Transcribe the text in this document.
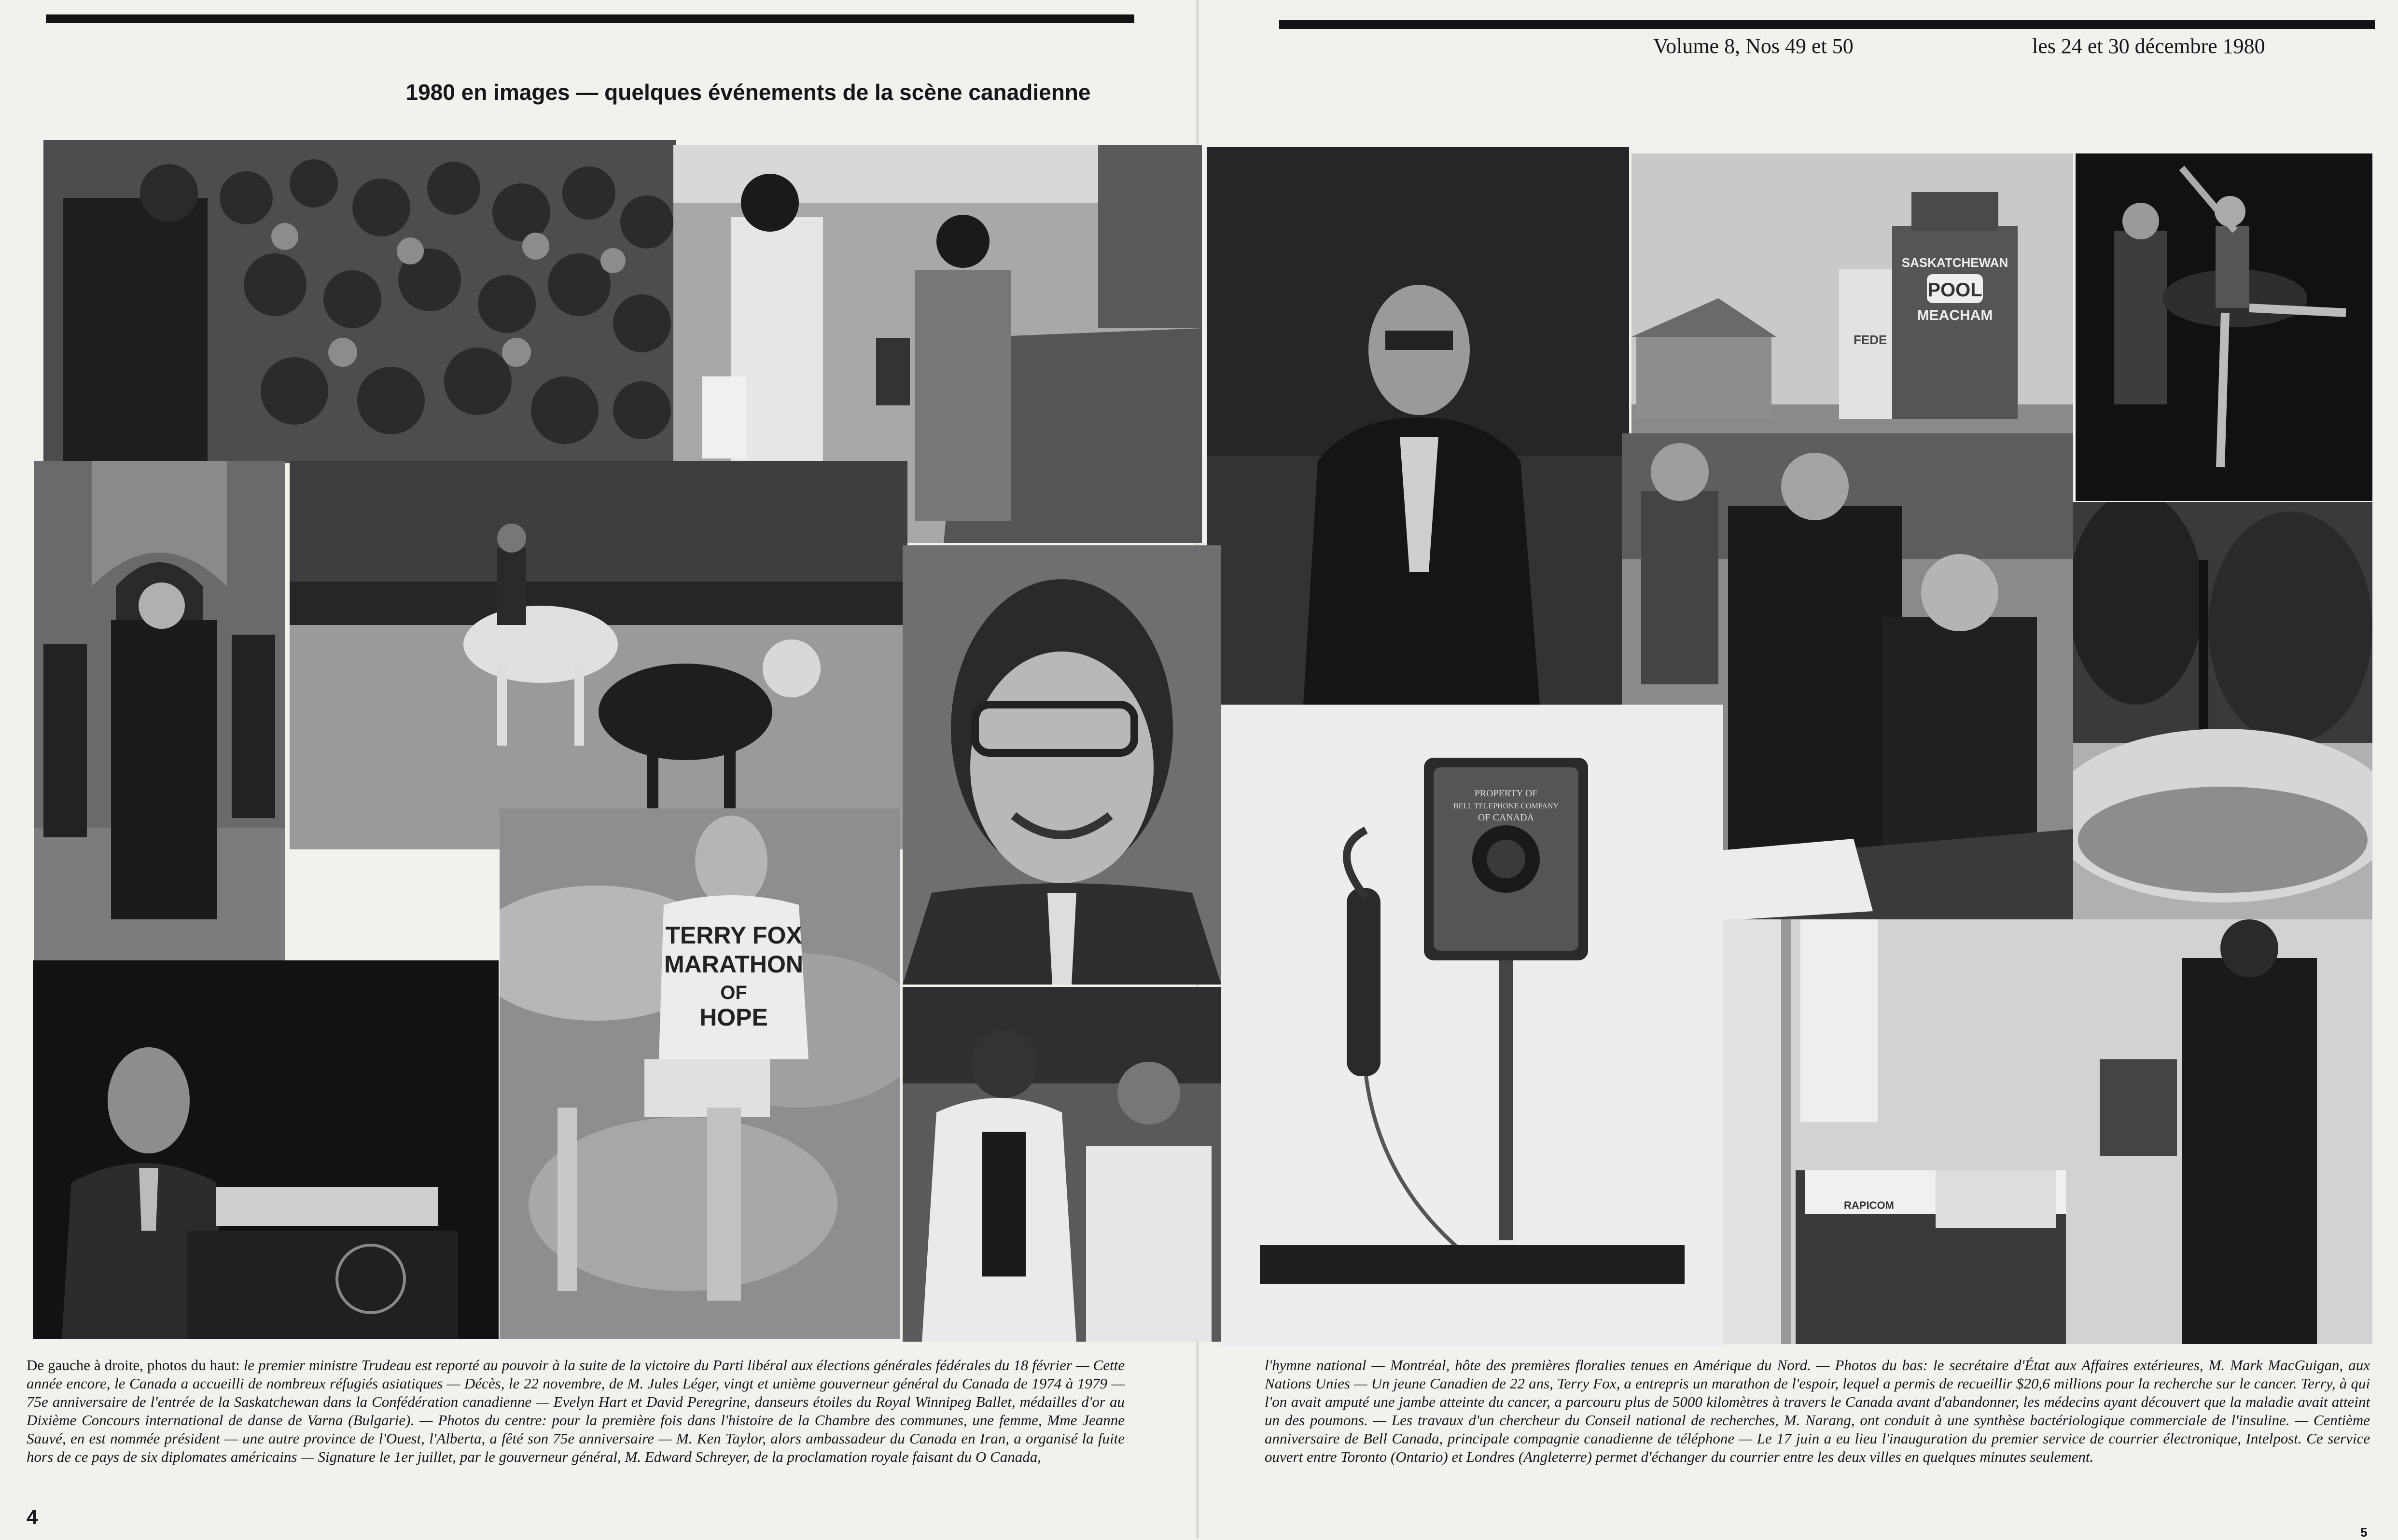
Volume 8, Nos 49 et 50	les 24 et 30 décembre 1980
1980 en images — quelques événements de la scène canadienne
SASKATCHEWAN
POOL
MEACHAM
FEDE
TERRY FOX
MARATHON
OF
HOPE
PROPERTY OF
BELL TELEPHONE COMPANY
OF CANADA
RAPICOM
De gauche à droite, photos du haut: le premier ministre Trudeau est reporté au pouvoir à la suite de la victoire du Parti libéral aux élections générales fédérales du 18 février — Cette année encore, le Canada a accueilli de nombreux réfugiés asiatiques — Décès, le 22 novembre, de M. Jules Léger, vingt et unième gouverneur général du Canada de 1974 à 1979 — 75e anniversaire de l'entrée de la Saskatchewan dans la Confédération canadienne — Evelyn Hart et David Peregrine, danseurs étoiles du Royal Winnipeg Ballet, médailles d'or au Dixième Concours international de danse de Varna (Bulgarie). — Photos du centre: pour la première fois dans l'histoire de la Chambre des communes, une femme, Mme Jeanne Sauvé, en est nommée président — une autre province de l'Ouest, l'Alberta, a fêté son 75e anniversaire — M. Ken Taylor, alors ambassadeur du Canada en Iran, a organisé la fuite hors de ce pays de six diplomates américains — Signature le 1er juillet, par le gouverneur général, M. Edward Schreyer, de la proclamation royale faisant du O Canada,
l'hymne national — Montréal, hôte des premières floralies tenues en Amérique du Nord. — Photos du bas: le secrétaire d'État aux Affaires extérieures, M. Mark MacGuigan, aux Nations Unies — Un jeune Canadien de 22 ans, Terry Fox, a entrepris un marathon de l'espoir, lequel a permis de recueillir $20,6 millions pour la recherche sur le cancer. Terry, à qui l'on avait amputé une jambe atteinte du cancer, a parcouru plus de 5000 kilomètres à travers le Canada avant d'abandonner, les médecins ayant découvert que la maladie avait atteint un des poumons. — Les travaux d'un chercheur du Conseil national de recherches, M. Narang, ont conduit à une synthèse bactériologique commerciale de l'insuline. — Centième anniversaire de Bell Canada, principale compagnie canadienne de téléphone — Le 17 juin a eu lieu l'inauguration du premier service de courrier électronique, Intelpost. Ce service ouvert entre Toronto (Ontario) et Londres (Angleterre) permet d'échanger du courrier entre les deux villes en quelques minutes seulement.
4
5
